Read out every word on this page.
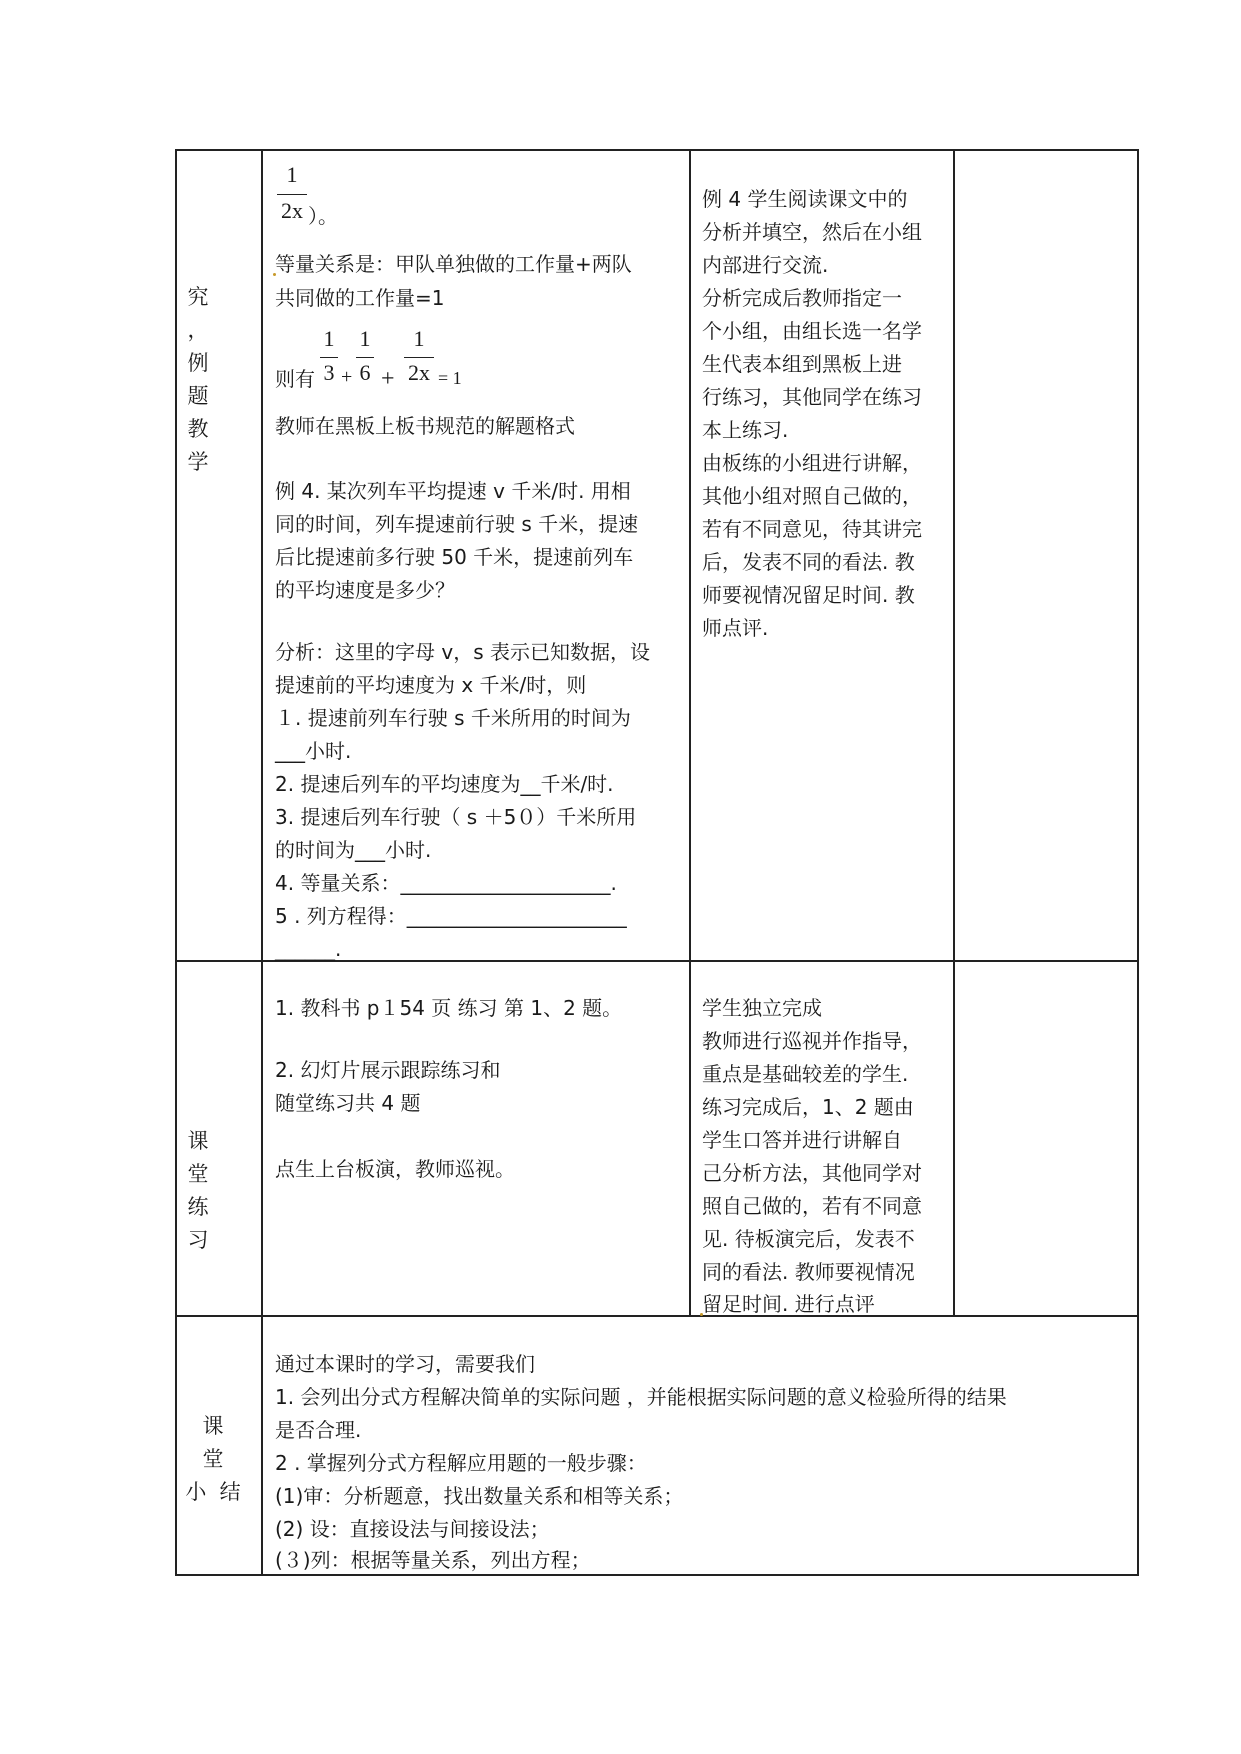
究
，
例
题
教
学
1
2x ）。
等量关系是：甲队单独做的工作量+两队
共同做的工作量=1
则有
1
3 +
1
6 +
1
2x = 1
教师在黑板上板书规范的解题格式
例 4. 某次列车平均提速 v 千米/时. 用相
同的时间，列车提速前行驶 s 千米，提速
后比提速前多行驶 50 千米，提速前列车
的平均速度是多少？
分析：这里的字母 v，s 表示已知数据，设
提速前的平均速度为 x 千米/时，则
１. 提速前列车行驶 s 千米所用的时间为
___小时.
2. 提速后列车的平均速度为__千米/时.
3. 提速后列车行驶（ s ＋5０）千米所用
的时间为___小时.
4. 等量关系：_____________________.
5 . 列方程得：______________________
______.
例 4 学生阅读课文中的
分析并填空，然后在小组
内部进行交流.
分析完成后教师指定一
个小组，由组长选一名学
生代表本组到黑板上进
行练习，其他同学在练习
本上练习.
由板练的小组进行讲解，
其他小组对照自己做的，
若有不同意见，待其讲完
后，发表不同的看法. 教
师要视情况留足时间. 教
师点评.
课
堂
练
习
1. 教科书 p１54 页 练习 第 1、2 题。
2. 幻灯片展示跟踪练习和
随堂练习共 4 题
点生上台板演，教师巡视。
学生独立完成
教师进行巡视并作指导，
重点是基础较差的学生.
练习完成后，1、2 题由
学生口答并进行讲解自
己分析方法，其他同学对
照自己做的，若有不同意
见. 待板演完后，发表不
同的看法. 教师要视情况
留足时间. 进行点评
课
堂
小  结
通过本课时的学习，需要我们
1. 会列出分式方程解决简单的实际问题 ，并能根据实际问题的意义检验所得的结果
是否合理.
2 . 掌握列分式方程解应用题的一般步骤：
(1)审：分析题意，找出数量关系和相等关系；
(2) 设：直接设法与间接设法；
(３)列：根据等量关系，列出方程；
